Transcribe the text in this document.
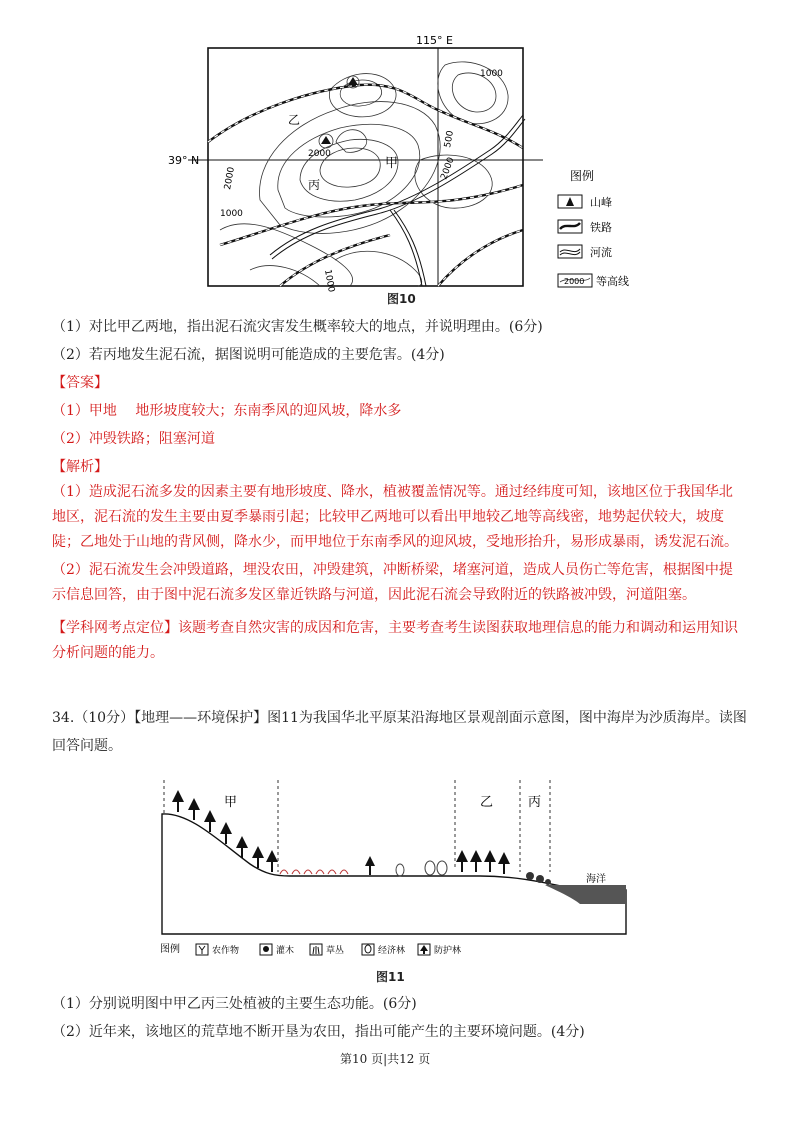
115° E
39° N	甲
乙
丙
1000
2000
500
2000
2000
1000
1000
图例
山峰
铁路
河流
2000 等高线
图10
（1）对比甲乙两地，指出泥石流灾害发生概率较大的地点，并说明理由。(6分)
（2）若丙地发生泥石流，据图说明可能造成的主要危害。(4分)
【答案】
（1）甲地　 地形坡度较大；东南季风的迎风坡，降水多
（2）冲毁铁路；阻塞河道
【解析】
（1）造成泥石流多发的因素主要有地形坡度、降水，植被覆盖情况等。通过经纬度可知，该地区位于我国华北地区，泥石流的发生主要由夏季暴雨引起；比较甲乙两地可以看出甲地较乙地等高线密，地势起伏较大，坡度陡；乙地处于山地的背风侧，降水少，而甲地位于东南季风的迎风坡，受地形抬升，易形成暴雨，诱发泥石流。
（2）泥石流发生会冲毁道路，埋没农田，冲毁建筑，冲断桥梁，堵塞河道，造成人员伤亡等危害，根据图中提示信息回答，由于图中泥石流多发区靠近铁路与河道，因此泥石流会导致附近的铁路被冲毁，河道阻塞。
【学科网考点定位】该题考查自然灾害的成因和危害，主要考查考生读图获取地理信息的能力和调动和运用知识分析问题的能力。
34.（10分）【地理——环境保护】图11为我国华北平原某沿海地区景观剖面示意图，图中海岸为沙质海岸。读图
回答问题。
甲	乙	丙
海洋
图例	农作物	灌木	草丛	经济林	防护林
图11
（1）分别说明图中甲乙丙三处植被的主要生态功能。(6分)
（2）近年来，该地区的荒草地不断开垦为农田，指出可能产生的主要环境问题。(4分)
第10 页|共12 页
